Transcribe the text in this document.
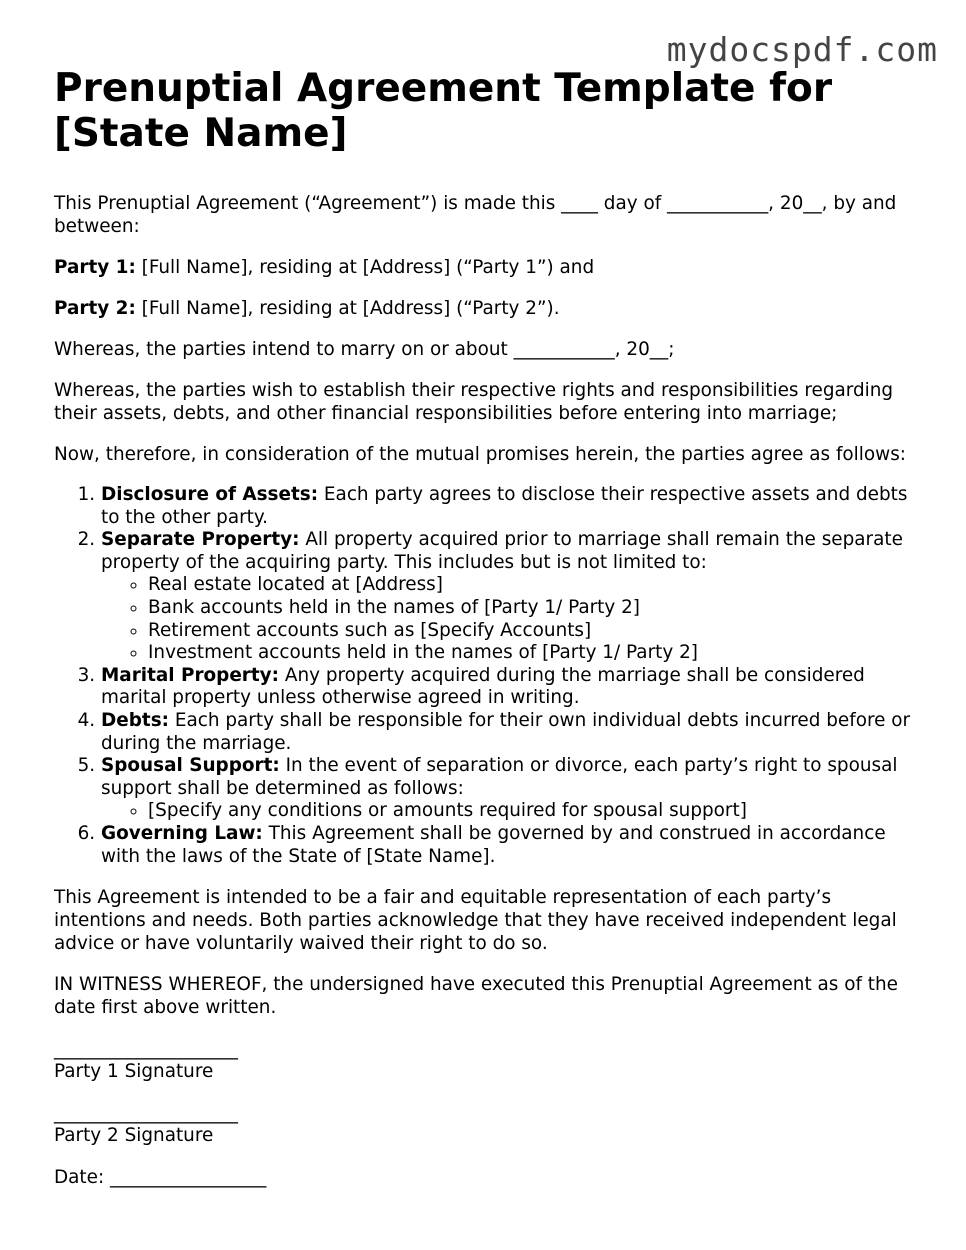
mydocspdf.com
Prenuptial Agreement Template for [State Name]

This Prenuptial Agreement (“Agreement”) is made this ____ day of ___________, 20__, by and between:

Party 1: [Full Name], residing at [Address] (“Party 1”) and

Party 2: [Full Name], residing at [Address] (“Party 2”).

Whereas, the parties intend to marry on or about ___________, 20__;

Whereas, the parties wish to establish their respective rights and responsibilities regarding their assets, debts, and other financial responsibilities before entering into marriage;

Now, therefore, in consideration of the mutual promises herein, the parties agree as follows:

1. Disclosure of Assets: Each party agrees to disclose their respective assets and debts to the other party.
2. Separate Property: All property acquired prior to marriage shall remain the separate property of the acquiring party. This includes but is not limited to:
◦ Real estate located at [Address]
◦ Bank accounts held in the names of [Party 1/ Party 2]
◦ Retirement accounts such as [Specify Accounts]
◦ Investment accounts held in the names of [Party 1/ Party 2]
3. Marital Property: Any property acquired during the marriage shall be considered marital property unless otherwise agreed in writing.
4. Debts: Each party shall be responsible for their own individual debts incurred before or during the marriage.
5. Spousal Support: In the event of separation or divorce, each party’s right to spousal support shall be determined as follows:
◦ [Specify any conditions or amounts required for spousal support]
6. Governing Law: This Agreement shall be governed by and construed in accordance with the laws of the State of [State Name].

This Agreement is intended to be a fair and equitable representation of each party’s intentions and needs. Both parties acknowledge that they have received independent legal advice or have voluntarily waived their right to do so.

IN WITNESS WHEREOF, the undersigned have executed this Prenuptial Agreement as of the date first above written.

____________________
Party 1 Signature
____________________
Party 2 Signature
Date: _________________
